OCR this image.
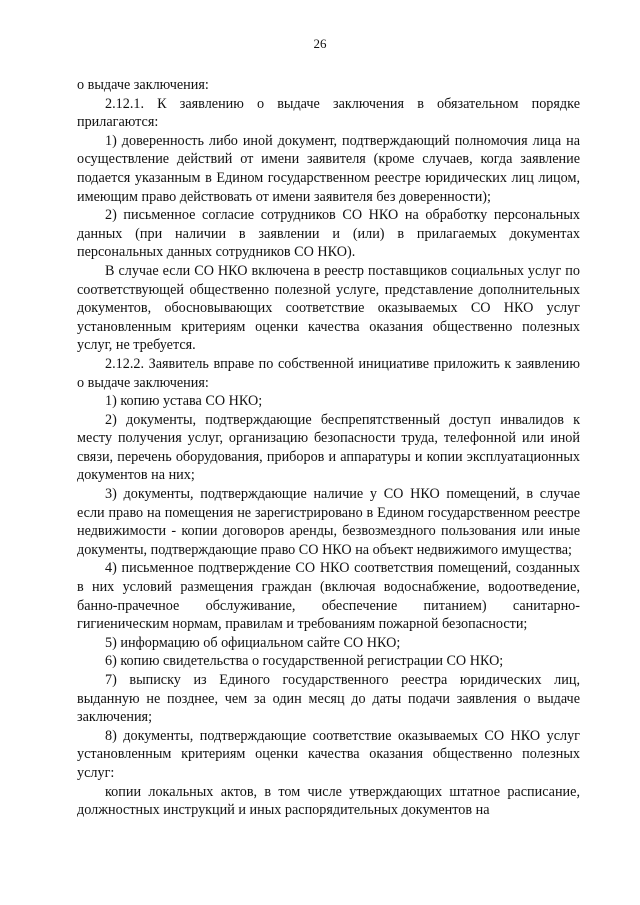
26

о выдаче заключения:

2.12.1. К заявлению о выдаче заключения в обязательном порядке прилагаются:

1) доверенность либо иной документ, подтверждающий полномочия лица на осуществление действий от имени заявителя (кроме случаев, когда заявление подается указанным в Едином государственном реестре юридических лиц лицом, имеющим право действовать от имени заявителя без доверенности);

2) письменное согласие сотрудников СО НКО на обработку персональных данных (при наличии в заявлении и (или) в прилагаемых документах персональных данных сотрудников СО НКО).

В случае если СО НКО включена в реестр поставщиков социальных услуг по соответствующей общественно полезной услуге, представление дополнительных документов, обосновывающих соответствие оказываемых СО НКО услуг установленным критериям оценки качества оказания общественно полезных услуг, не требуется.

2.12.2. Заявитель вправе по собственной инициативе приложить к заявлению о выдаче заключения:

1) копию устава СО НКО;

2) документы, подтверждающие беспрепятственный доступ инвалидов к месту получения услуг, организацию безопасности труда, телефонной или иной связи, перечень оборудования, приборов и аппаратуры и копии эксплуатационных документов на них;

3) документы, подтверждающие наличие у СО НКО помещений, в случае если право на помещения не зарегистрировано в Едином государственном реестре недвижимости - копии договоров аренды, безвозмездного пользования или иные документы, подтверждающие право СО НКО на объект недвижимого имущества;

4) письменное подтверждение СО НКО соответствия помещений, созданных в них условий размещения граждан (включая водоснабжение, водоотведение, банно-прачечное обслуживание, обеспечение питанием) санитарно-гигиеническим нормам, правилам и требованиям пожарной безопасности;

5) информацию об официальном сайте СО НКО;

6) копию свидетельства о государственной регистрации СО НКО;

7) выписку из Единого государственного реестра юридических лиц, выданную не позднее, чем за один месяц до даты подачи заявления о выдаче заключения;

8) документы, подтверждающие соответствие оказываемых СО НКО услуг установленным критериям оценки качества оказания общественно полезных услуг:

копии локальных актов, в том числе утверждающих штатное расписание, должностных инструкций и иных распорядительных документов на
